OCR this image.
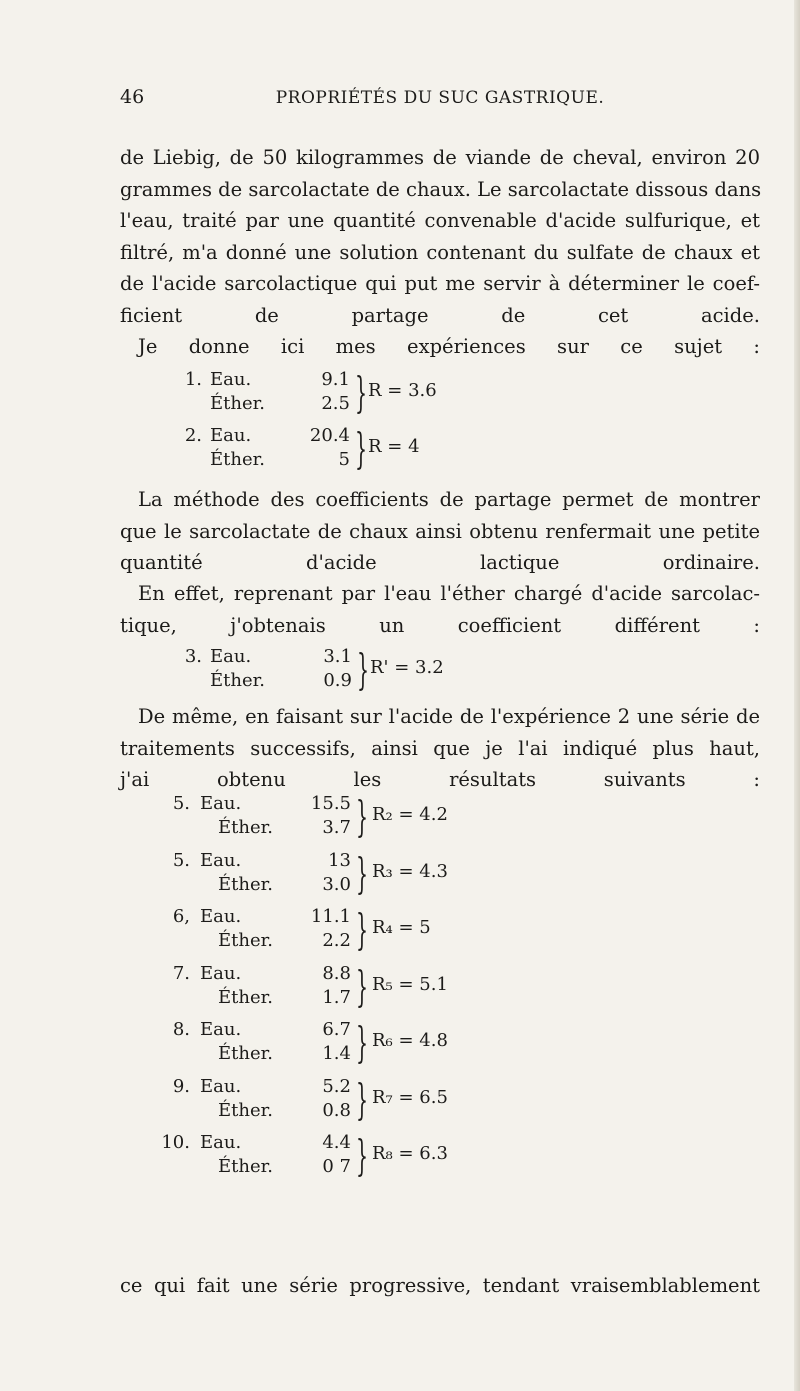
46	PROPRIÉTÉS DU SUC GASTRIQUE.
de Liebig, de 50 kilogrammes de viande de cheval, environ 20
grammes de sarcolactate de chaux. Le sarcolactate dissous dans
l'eau, traité par une quantité convenable d'acide sulfurique, et
filtré, m'a donné une solution contenant du sulfate de chaux et
de l'acide sarcolactique qui put me servir à déterminer le coef-
ficient de partage de cet acide.
Je donne ici mes expériences sur ce sujet :
1. Eau.	9.1
Éther.	2.5 } R = 3.6
2. Eau.	20.4
Éther.	5 } R = 4
La méthode des coefficients de partage permet de montrer
que le sarcolactate de chaux ainsi obtenu renfermait une petite
quantité d'acide lactique ordinaire.
En effet, reprenant par l'eau l'éther chargé d'acide sarcolac-
tique, j'obtenais un coefficient différent :
3. Eau.	3.1
Éther.	0.9 } R' = 3.2
De même, en faisant sur l'acide de l'expérience 2 une série de
traitements successifs, ainsi que je l'ai indiqué plus haut,
j'ai obtenu les résultats suivants :
5. Eau.	15.5
Éther.	3.7 } R₂ = 4.2
5. Eau.	13
Éther.	3.0 } R₃ = 4.3
6, Eau.	11.1
Éther.	2.2 } R₄ = 5
7. Eau.	8.8
Éther.	1.7 } R₅ = 5.1
8. Eau.	6.7
Éther.	1.4 } R₆ = 4.8
9. Eau.	5.2
Éther.	0.8 } R₇ = 6.5
10. Eau.	4.4
Éther.	0 7 } R₈ = 6.3
ce qui fait une série progressive, tendant vraisemblablement
